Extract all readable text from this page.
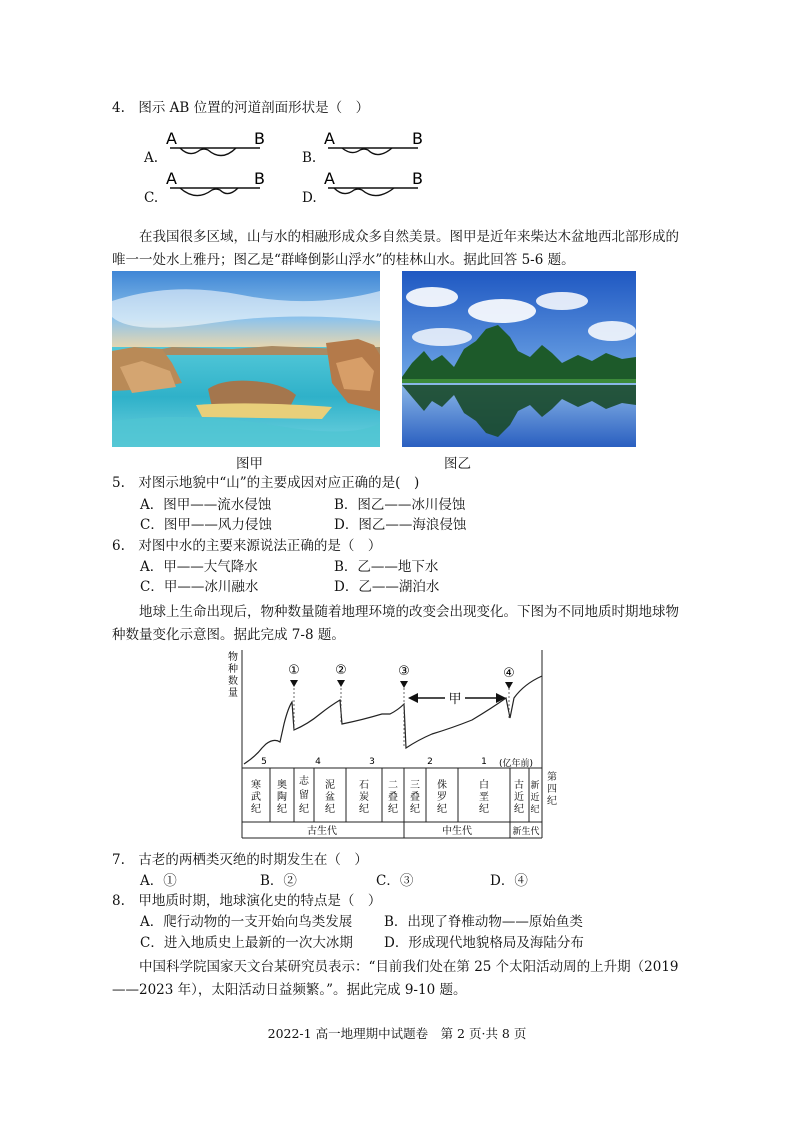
4.　图示 AB 位置的河道剖面形状是（　）
A.
A	B
B.
A	B
C.
A	B
D.
A	B
在我国很多区域，山与水的相融形成众多自然美景。图甲是近年来柴达木盆地西北部形成的唯一一处水上雅丹；图乙是“群峰倒影山浮水”的桂林山水。据此回答 5-6 题。
图甲	图乙
5.　对图示地貌中“山”的主要成因对应正确的是(　)
A．图甲——流水侵蚀	B．图乙——冰川侵蚀
C．图甲——风力侵蚀	D．图乙——海浪侵蚀
6.　对图中水的主要来源说法正确的是（　）
A．甲——大气降水	B．乙——地下水
C．甲——冰川融水	D．乙——湖泊水
地球上生命出现后，物种数量随着地理环境的改变会出现变化。下图为不同地质时期地球物种数量变化示意图。据此完成 7-8 题。
物
种
数
量
①	②	③	④
甲
5	4	3	2	1 (亿年前)
寒
武
纪
奥
陶
纪
志
留
纪
泥
盆
纪
石
炭
纪
二
叠
纪
三
叠
纪
侏
罗
纪
白
垩
纪
古
近
纪
新
近
纪
古生代	中生代	新生代
第
四
纪
7.　古老的两栖类灭绝的时期发生在（　）
A．①	B．②	C．③	D．④
8.　甲地质时期，地球演化史的特点是（　）
A．爬行动物的一支开始向鸟类发展 B．出现了脊椎动物——原始鱼类
C．进入地质史上最新的一次大冰期 D．形成现代地貌格局及海陆分布
中国科学院国家天文台某研究员表示：“目前我们处在第 25 个太阳活动周的上升期（2019——2023 年），太阳活动日益频繁。”。据此完成 9-10 题。
2022-1 高一地理期中试题卷　第 2 页·共 8 页
